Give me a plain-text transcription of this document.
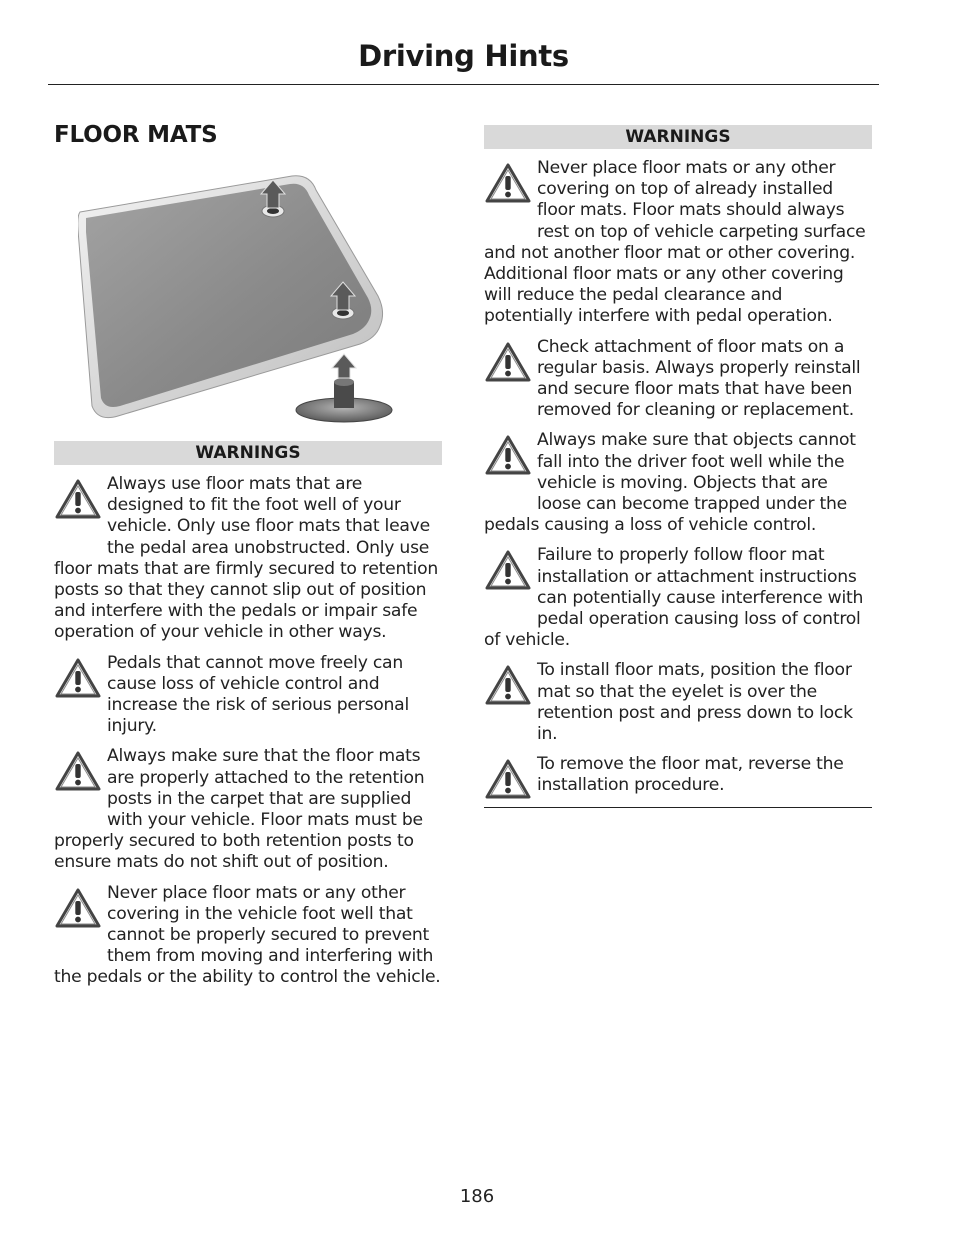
Driving Hints
FLOOR MATS
WARNINGS
Always use floor mats that are designed to fit the foot well of your vehicle. Only use floor mats that leave the pedal area unobstructed. Only use floor mats that are firmly secured to retention posts so that they cannot slip out of position and interfere with the pedals or impair safe operation of your vehicle in other ways.
Pedals that cannot move freely can cause loss of vehicle control and increase the risk of serious personal injury.
Always make sure that the floor mats are properly attached to the retention posts in the carpet that are supplied with your vehicle. Floor mats must be properly secured to both retention posts to ensure mats do not shift out of position.
Never place floor mats or any other covering in the vehicle foot well that cannot be properly secured to prevent them from moving and interfering with the pedals or the ability to control the vehicle.
WARNINGS
Never place floor mats or any other covering on top of already installed floor mats. Floor mats should always rest on top of vehicle carpeting surface and not another floor mat or other covering. Additional floor mats or any other covering will reduce the pedal clearance and potentially interfere with pedal operation.
Check attachment of floor mats on a regular basis. Always properly reinstall and secure floor mats that have been removed for cleaning or replacement.
Always make sure that objects cannot fall into the driver foot well while the vehicle is moving. Objects that are loose can become trapped under the pedals causing a loss of vehicle control.
Failure to properly follow floor mat installation or attachment instructions can potentially cause interference with pedal operation causing loss of control of vehicle.
To install floor mats, position the floor mat so that the eyelet is over the retention post and press down to lock in.
To remove the floor mat, reverse the installation procedure.
186
